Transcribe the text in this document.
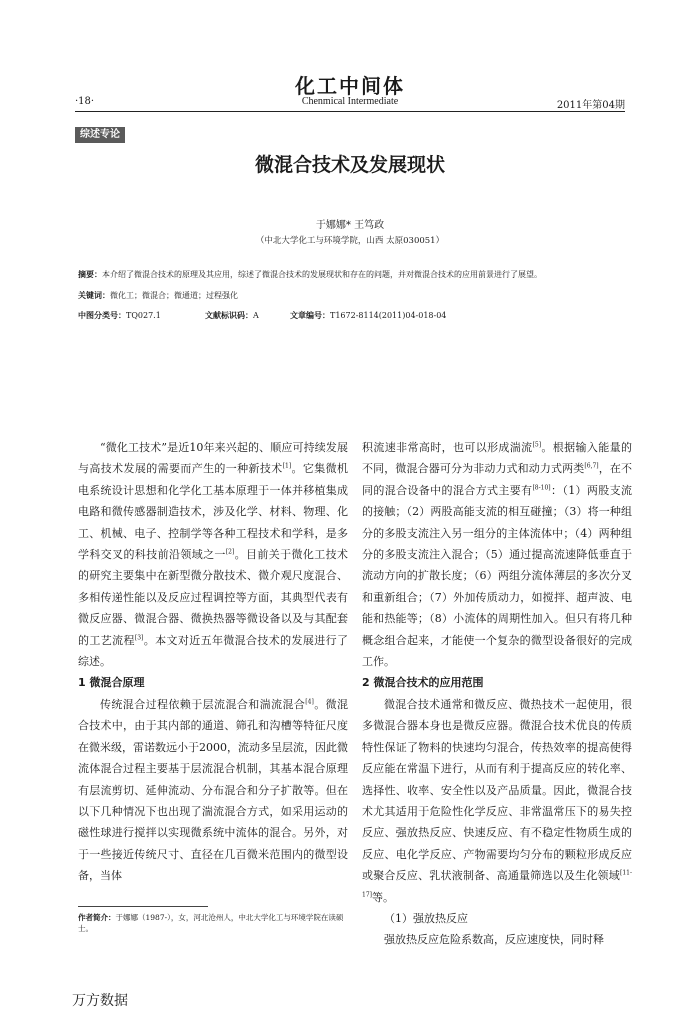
化工中间体
·18·	Chenmical Intermediate	2011年第04期
综述专论
微混合技术及发展现状
于娜娜* 王笃政
（中北大学化工与环境学院，山西 太原030051）
摘要：本介绍了微混合技术的原理及其应用，综述了微混合技术的发展现状和存在的问题，并对微混合技术的应用前景进行了展望。
关键词：微化工；微混合；微通道；过程强化
中图分类号：TQ027.1	文献标识码：A	文章编号：T1672-8114(2011)04-018-04

“微化工技术”是近10年来兴起的、顺应可持续发展与高技术发展的需要而产生的一种新技术[1]。它集微机电系统设计思想和化学化工基本原理于一体并移植集成电路和微传感器制造技术，涉及化学、材料、物理、化工、机械、电子、控制学等各种工程技术和学科，是多学科交叉的科技前沿领域之一[2]。目前关于微化工技术的研究主要集中在新型微分散技术、微介观尺度混合、多相传递性能以及反应过程调控等方面，其典型代表有微反应器、微混合器、微换热器等微设备以及与其配套的工艺流程[3]。本文对近五年微混合技术的发展进行了综述。

1 微混合原理

传统混合过程依赖于层流混合和湍流混合[4]。微混合技术中，由于其内部的通道、筛孔和沟槽等特征尺度在微米级，雷诺数远小于2000，流动多呈层流，因此微流体混合过程主要基于层流混合机制，其基本混合原理有层流剪切、延伸流动、分布混合和分子扩散等。但在以下几种情况下也出现了湍流混合方式，如采用运动的磁性球进行搅拌以实现微系统中流体的混合。另外，对于一些接近传统尺寸、直径在几百微米范围内的微型设备，当体

积流速非常高时，也可以形成湍流[5]。根据输入能量的不同，微混合器可分为非动力式和动力式两类[6,7]，在不同的混合设备中的混合方式主要有[8-10]：（1）两股支流的接触；（2）两股高能支流的相互碰撞；（3）将一种组分的多股支流注入另一组分的主体流体中；（4）两种组分的多股支流注入混合；（5）通过提高流速降低垂直于流动方向的扩散长度；（6）两组分流体薄层的多次分叉和重新组合；（7）外加传质动力，如搅拌、超声波、电能和热能等；（8）小流体的周期性加入。但只有将几种概念组合起来，才能使一个复杂的微型设备很好的完成工作。

2 微混合技术的应用范围

微混合技术通常和微反应、微热技术一起使用，很多微混合器本身也是微反应器。微混合技术优良的传质特性保证了物料的快速均匀混合，传热效率的提高使得反应能在常温下进行，从而有利于提高反应的转化率、选择性、收率、安全性以及产品质量。因此，微混合技术尤其适用于危险性化学反应、非常温常压下的易失控反应、强放热反应、快速反应、有不稳定性物质生成的反应、电化学反应、产物需要均匀分布的颗粒形成反应或聚合反应、乳状液制备、高通量筛选以及生化领域[11-17]等。

（1）强放热反应

强放热反应危险系数高，反应速度快，同时释

作者简介：于娜娜（1987-），女，河北沧州人，中北大学化工与环境学院在读硕士。
万方数据
